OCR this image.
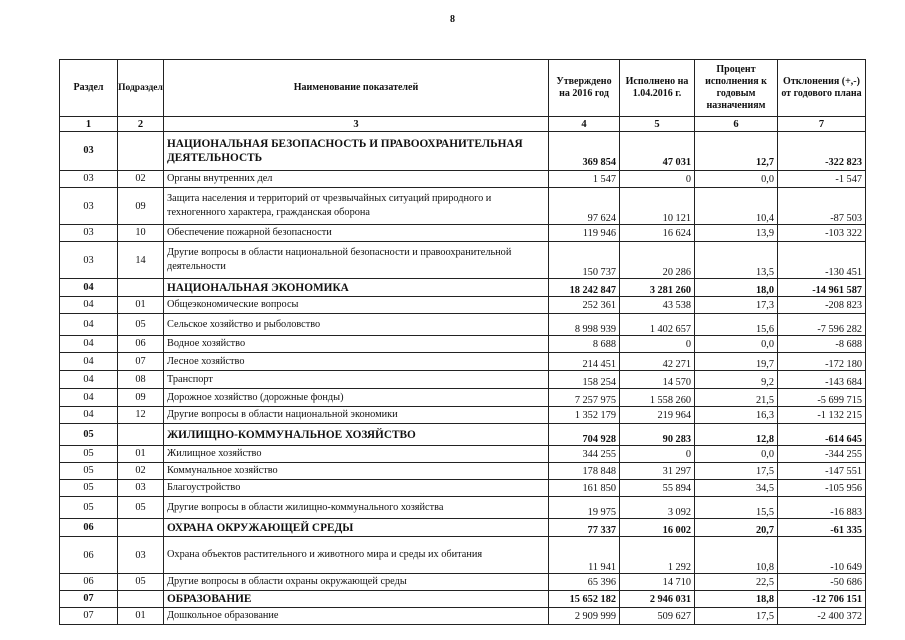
8
Раздел	Подраздел	Наименование показателей	Утверждено на 2016 год	Исполнено на 1.04.2016 г.	Процент исполнения к годовым назначениям	Отклонения (+,-) от годового плана
1	2	3	4	5	6	7
03		НАЦИОНАЛЬНАЯ БЕЗОПАСНОСТЬ И ПРАВООХРАНИТЕЛЬНАЯ ДЕЯТЕЛЬНОСТЬ	369 854	47 031	12,7	-322 823
03	02	Органы внутренних дел	1 547	0	0,0	-1 547
03	09	Защита населения и территорий от чрезвычайных ситуаций природного и техногенного характера, гражданская оборона	97 624	10 121	10,4	-87 503
03	10	Обеспечение пожарной безопасности	119 946	16 624	13,9	-103 322
03	14	Другие вопросы в области национальной безопасности и правоохранительной деятельности	150 737	20 286	13,5	-130 451
04		НАЦИОНАЛЬНАЯ ЭКОНОМИКА	18 242 847	3 281 260	18,0	-14 961 587
04	01	Общеэкономические вопросы	252 361	43 538	17,3	-208 823
04	05	Сельское хозяйство и рыболовство	8 998 939	1 402 657	15,6	-7 596 282
04	06	Водное хозяйство	8 688	0	0,0	-8 688
04	07	Лесное хозяйство	214 451	42 271	19,7	-172 180
04	08	Транспорт	158 254	14 570	9,2	-143 684
04	09	Дорожное хозяйство (дорожные фонды)	7 257 975	1 558 260	21,5	-5 699 715
04	12	Другие вопросы в области национальной экономики	1 352 179	219 964	16,3	-1 132 215
05		ЖИЛИЩНО-КОММУНАЛЬНОЕ ХОЗЯЙСТВО	704 928	90 283	12,8	-614 645
05	01	Жилищное хозяйство	344 255	0	0,0	-344 255
05	02	Коммунальное хозяйство	178 848	31 297	17,5	-147 551
05	03	Благоустройство	161 850	55 894	34,5	-105 956
05	05	Другие вопросы в области жилищно-коммунального хозяйства	19 975	3 092	15,5	-16 883
06		ОХРАНА ОКРУЖАЮЩЕЙ СРЕДЫ	77 337	16 002	20,7	-61 335
06	03	Охрана объектов растительного и животного мира и среды их обитания	11 941	1 292	10,8	-10 649
06	05	Другие вопросы в области охраны окружающей среды	65 396	14 710	22,5	-50 686
07		ОБРАЗОВАНИЕ	15 652 182	2 946 031	18,8	-12 706 151
07	01	Дошкольное образование	2 909 999	509 627	17,5	-2 400 372
